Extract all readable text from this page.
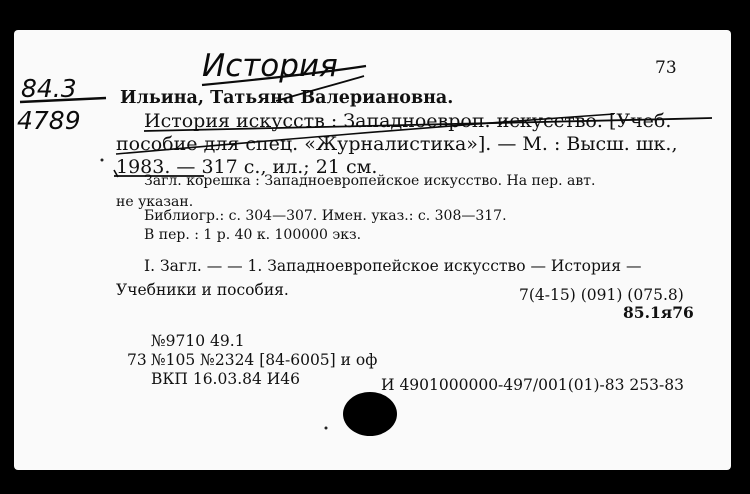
История
84.3
4789
73
Ильина, Татьяна Валериановна.
История искусств : Западноевроп. искусство. [Учеб.
пособие для спец. «Журналистика»]. — М. : Высш. шк.,
1983. — 317 с., ил.; 21 см.
Загл. корешка : Западноевропейское искусство. На пер. авт.
не указан.
Библиогр.: с. 304—307. Имен. указ.: с. 308—317.
В пер. : 1 р. 40 к. 100000 экз.
I. Загл. — — 1. Западноевропейское искусство — История —
Учебники и пособия.	7(4-15) (091) (075.8)
85.1я76
№9710 49.1
73 №105 №2324 [84-6005] и оф
ВКП 16.03.84 И46	И 4901000000-497/001(01)-83 253-83
